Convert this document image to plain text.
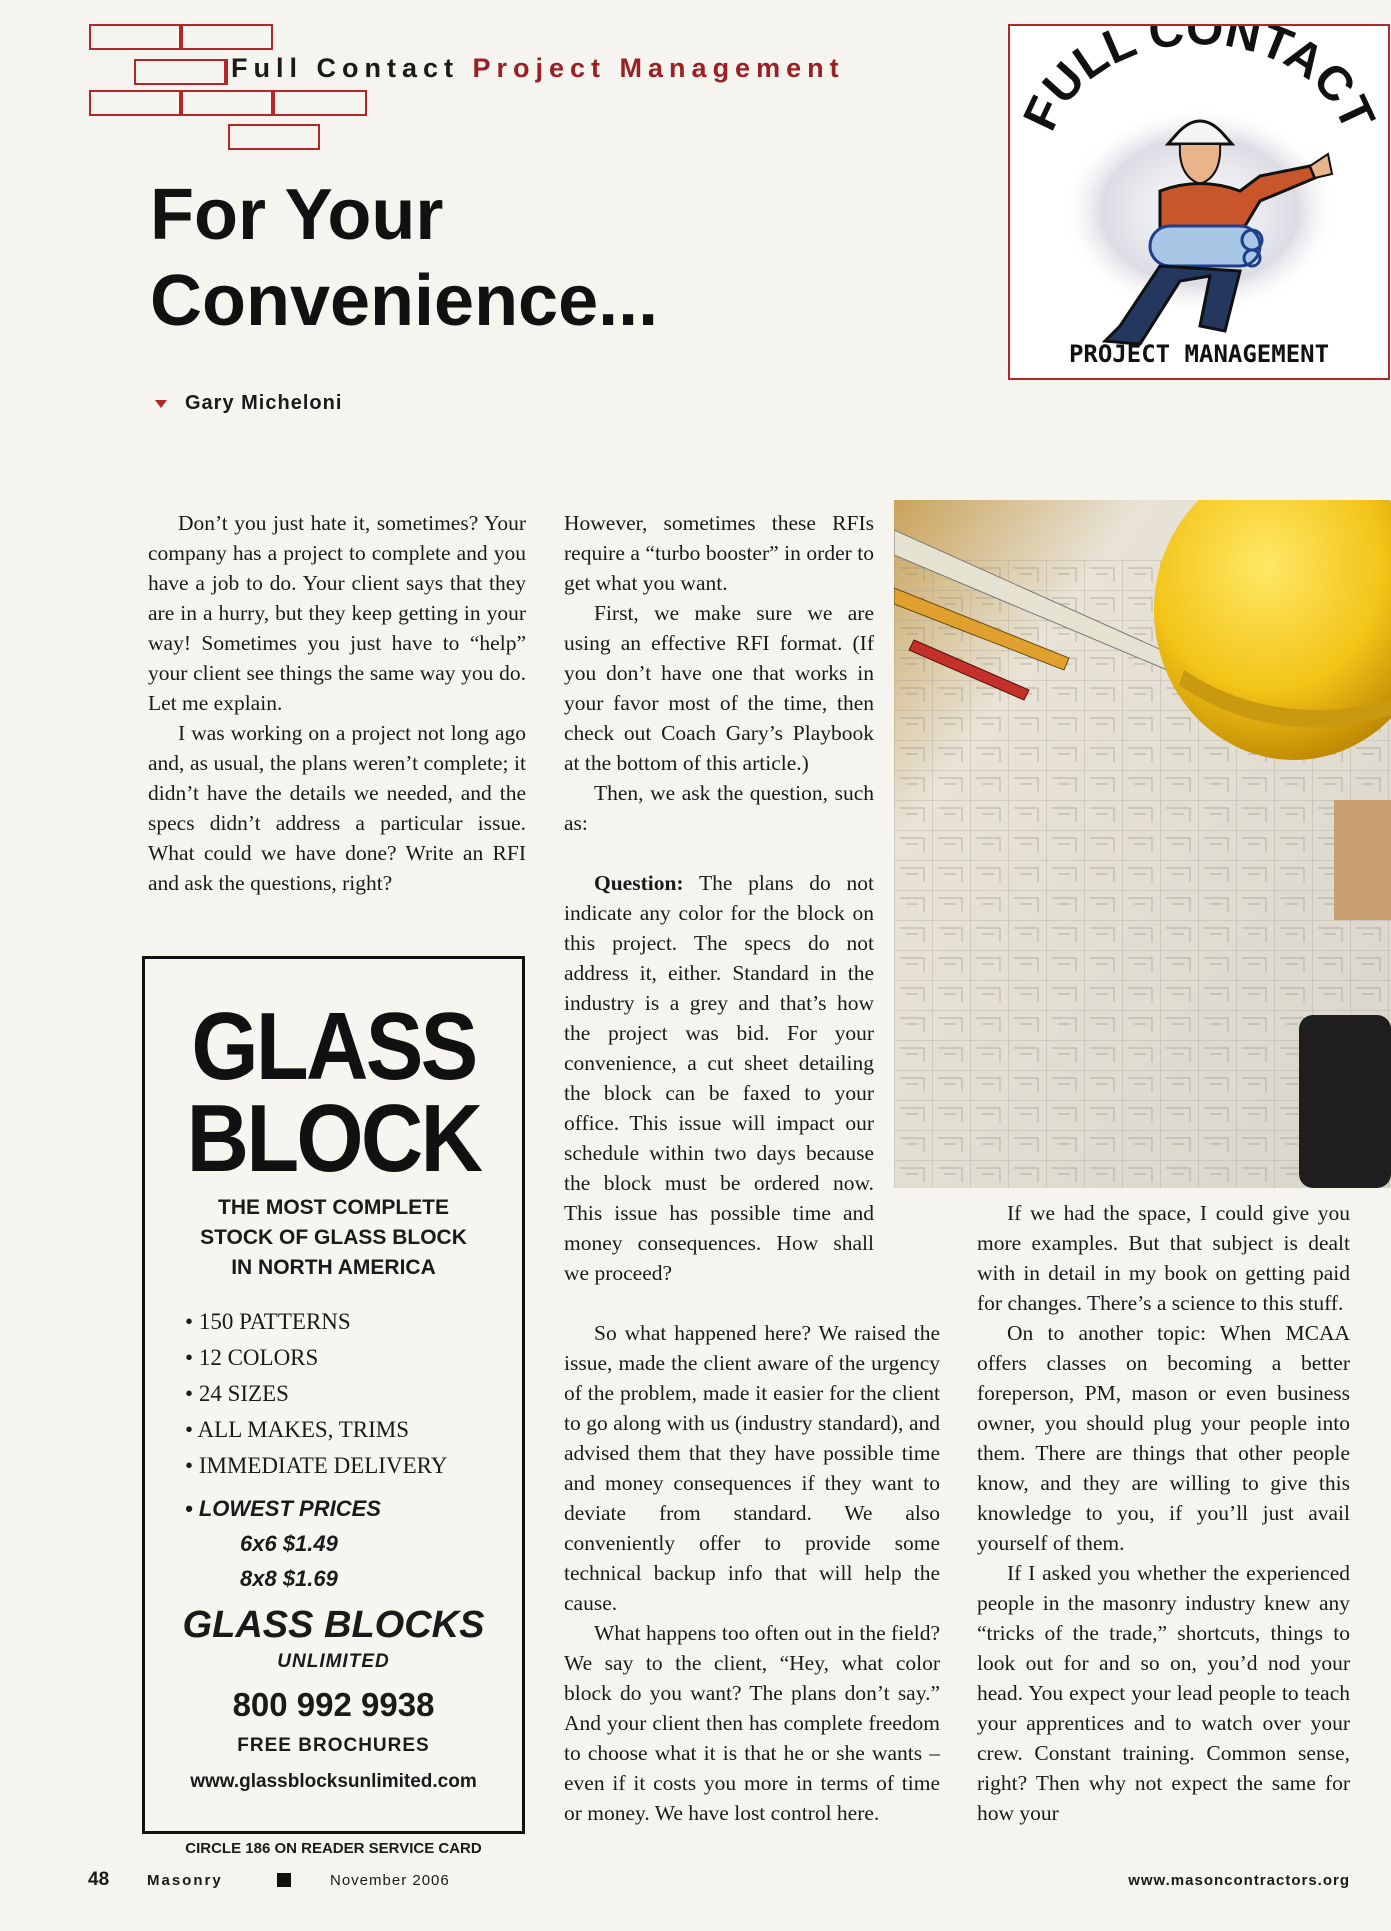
Full Contact Project Management
For Your
Convenience...
Gary Micheloni
FULL CONTACT
PROJECT MANAGEMENT

Don’t you just hate it, sometimes? Your company has a project to complete and you have a job to do. Your client says that they are in a hurry, but they keep getting in your way! Sometimes you just have to “help” your client see things the same way you do. Let me explain.

I was working on a project not long ago and, as usual, the plans weren’t complete; it didn’t have the details we needed, and the specs didn’t address a particular issue. What could we have done? Write an RFI and ask the questions, right?

However, sometimes these RFIs require a “turbo booster” in order to get what you want.

First, we make sure we are using an effective RFI format. (If you don’t have one that works in your favor most of the time, then check out Coach Gary’s Playbook at the bottom of this article.)

Then, we ask the question, such as:

Question: The plans do not indicate any color for the block on this project. The specs do not address it, either. Standard in the industry is a grey and that’s how the project was bid. For your convenience, a cut sheet detailing the block can be faxed to your office. This issue will impact our schedule within two days because the block must be ordered now. This issue has possible time and money consequences. How shall we proceed?

So what happened here? We raised the issue, made the client aware of the urgency of the problem, made it easier for the client to go along with us (industry standard), and advised them that they have possible time and money consequences if they want to deviate from standard. We also conveniently offer to provide some technical backup info that will help the cause.

What happens too often out in the field? We say to the client, “Hey, what color block do you want? The plans don’t say.” And your client then has complete freedom to choose what it is that he or she wants – even if it costs you more in terms of time or money. We have lost control here.

If we had the space, I could give you more examples. But that subject is dealt with in detail in my book on getting paid for changes. There’s a science to this stuff.

On to another topic: When MCAA offers classes on becoming a better foreperson, PM, mason or even business owner, you should plug your people into them. There are things that other people know, and they are willing to give this knowledge to you, if you’ll just avail yourself of them.

If I asked you whether the experienced people in the masonry industry knew any “tricks of the trade,” shortcuts, things to look out for and so on, you’d nod your head. You expect your lead people to teach your apprentices and to watch over your crew. Constant training. Common sense, right? Then why not expect the same for how your

GLASS
BLOCK
THE MOST COMPLETE
STOCK OF GLASS BLOCK
IN NORTH AMERICA
• 150 PATTERNS
• 12 COLORS
• 24 SIZES
• ALL MAKES, TRIMS
• IMMEDIATE DELIVERY
• LOWEST PRICES
6x6 $1.49
8x8 $1.69
GLASS BLOCKS
UNLIMITED
800 992 9938
FREE BROCHURES
www.glassblocksunlimited.com
CIRCLE 186 ON READER SERVICE CARD
48	Masonry	November 2006	www.masoncontractors.org
